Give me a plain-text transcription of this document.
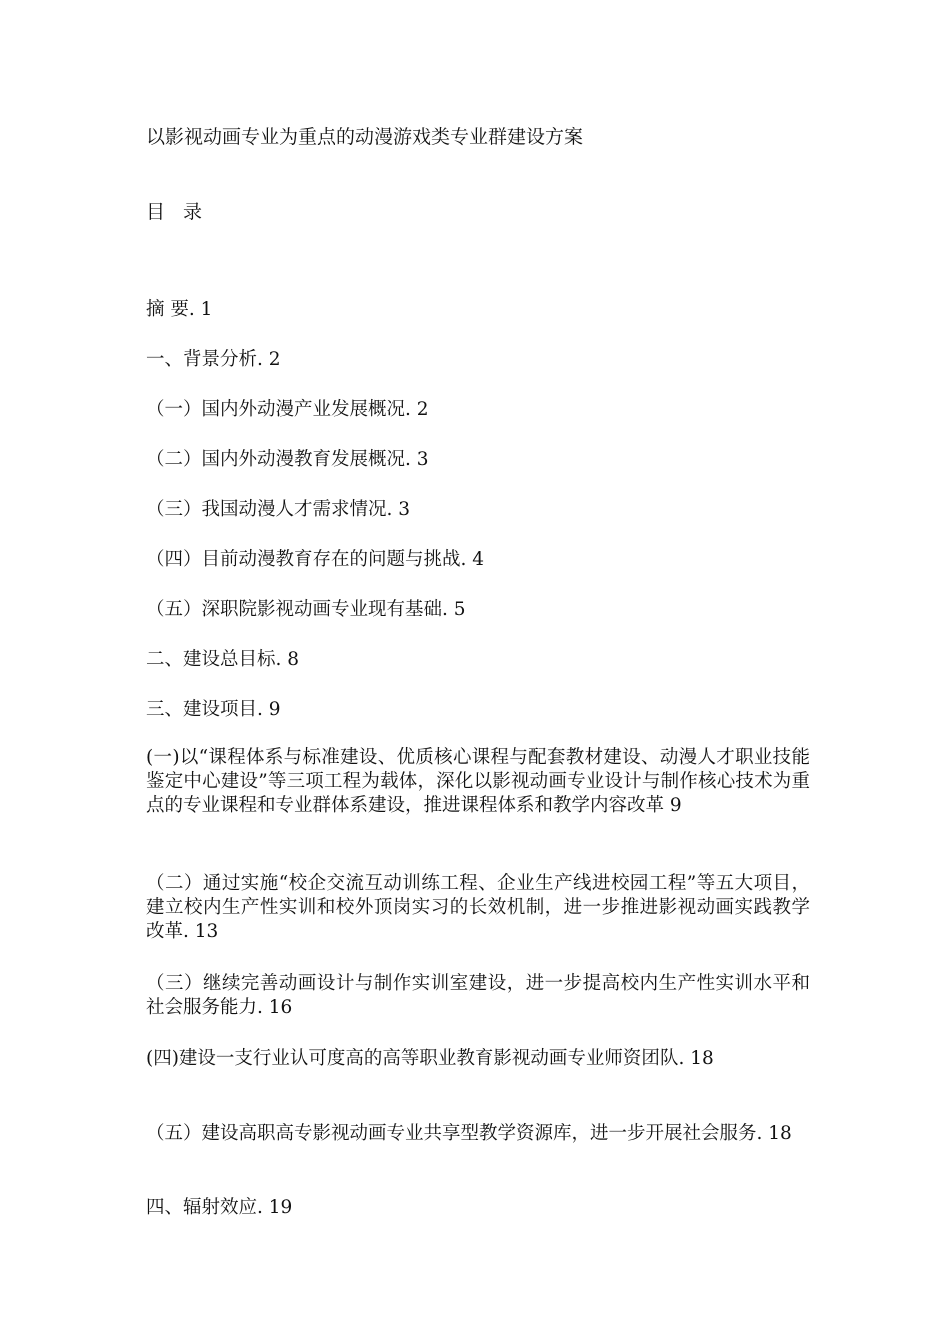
以影视动画专业为重点的动漫游戏类专业群建设方案
目 录
摘 要. 1
一、背景分析. 2
（一）国内外动漫产业发展概况. 2
（二）国内外动漫教育发展概况. 3
（三）我国动漫人才需求情况. 3
（四）目前动漫教育存在的问题与挑战. 4
（五）深职院影视动画专业现有基础. 5
二、建设总目标. 8
三、建设项目. 9
(一)以“课程体系与标准建设、优质核心课程与配套教材建设、动漫人才职业技能鉴定中心建设”等三项工程为载体，深化以影视动画专业设计与制作核心技术为重点的专业课程和专业群体系建设，推进课程体系和教学内容改革 9
（二）通过实施“校企交流互动训练工程、企业生产线进校园工程”等五大项目，建立校内生产性实训和校外顶岗实习的长效机制，进一步推进影视动画实践教学改革. 13
（三）继续完善动画设计与制作实训室建设，进一步提高校内生产性实训水平和社会服务能力. 16
(四)建设一支行业认可度高的高等职业教育影视动画专业师资团队. 18
（五）建设高职高专影视动画专业共享型教学资源库，进一步开展社会服务. 18
四、辐射效应. 19
